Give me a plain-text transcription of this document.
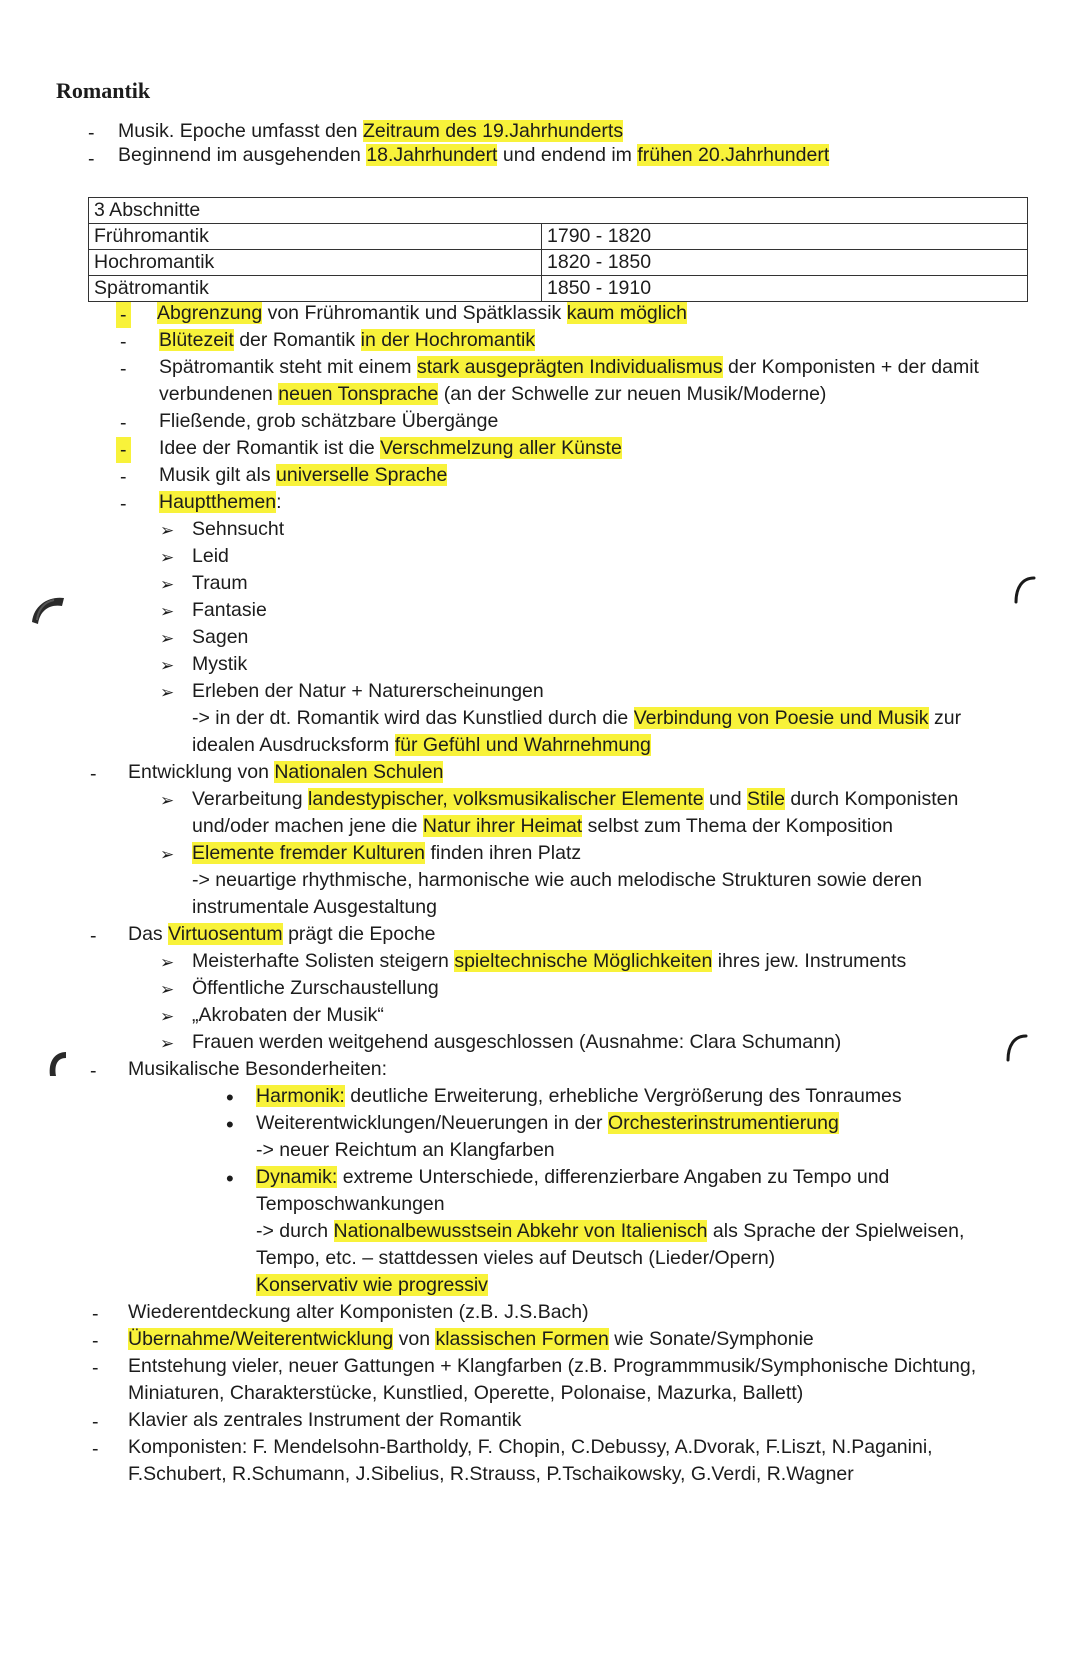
Romantik
- Musik. Epoche umfasst den Zeitraum des 19.Jahrhunderts
- Beginnend im ausgehenden 18.Jahrhundert und endend im frühen 20.Jahrhundert
3 Abschnitte	
Frühromantik	1790 - 1820
Hochromantik	1820 - 1850
Spätromantik	1850 - 1910
-
-
-
-
-
-
-
➢
➢
➢
➢
➢
➢
➢
-
➢
➢
-
➢
➢
➢
➢
-
•
•
•
-
-
-
-
-
Abgrenzung von Frühromantik und Spätklassik kaum möglich
Blütezeit der Romantik in der Hochromantik
Spätromantik steht mit einem stark ausgeprägten Individualismus der Komponisten + der damit
verbundenen neuen Tonsprache (an der Schwelle zur neuen Musik/Moderne)
Fließende, grob schätzbare Übergänge
Idee der Romantik ist die Verschmelzung aller Künste
Musik gilt als universelle Sprache
Hauptthemen:
Sehnsucht
Leid
Traum
Fantasie
Sagen
Mystik
Erleben der Natur + Naturerscheinungen
-> in der dt. Romantik wird das Kunstlied durch die Verbindung von Poesie und Musik zur
idealen Ausdrucksform für Gefühl und Wahrnehmung
Entwicklung von Nationalen Schulen
Verarbeitung landestypischer, volksmusikalischer Elemente und Stile durch Komponisten
und/oder machen jene die Natur ihrer Heimat selbst zum Thema der Komposition
Elemente fremder Kulturen finden ihren Platz
-> neuartige rhythmische, harmonische wie auch melodische Strukturen sowie deren
instrumentale Ausgestaltung
Das Virtuosentum prägt die Epoche
Meisterhafte Solisten steigern spieltechnische Möglichkeiten ihres jew. Instruments
Öffentliche Zurschaustellung
„Akrobaten der Musik“
Frauen werden weitgehend ausgeschlossen (Ausnahme: Clara Schumann)
Musikalische Besonderheiten:
Harmonik: deutliche Erweiterung, erhebliche Vergrößerung des Tonraumes
Weiterentwicklungen/Neuerungen in der Orchesterinstrumentierung
-> neuer Reichtum an Klangfarben
Dynamik: extreme Unterschiede, differenzierbare Angaben zu Tempo und
Temposchwankungen
-> durch Nationalbewusstsein Abkehr von Italienisch als Sprache der Spielweisen,
Tempo, etc. – stattdessen vieles auf Deutsch (Lieder/Opern)
Konservativ wie progressiv
Wiederentdeckung alter Komponisten (z.B. J.S.Bach)
Übernahme/Weiterentwicklung von klassischen Formen wie Sonate/Symphonie
Entstehung vieler, neuer Gattungen + Klangfarben (z.B. Programmmusik/Symphonische Dichtung,
Miniaturen, Charakterstücke, Kunstlied, Operette, Polonaise, Mazurka, Ballett)
Klavier als zentrales Instrument der Romantik
Komponisten: F. Mendelsohn-Bartholdy, F. Chopin, C.Debussy, A.Dvorak, F.Liszt, N.Paganini,
F.Schubert, R.Schumann, J.Sibelius, R.Strauss, P.Tschaikowsky, G.Verdi, R.Wagner
